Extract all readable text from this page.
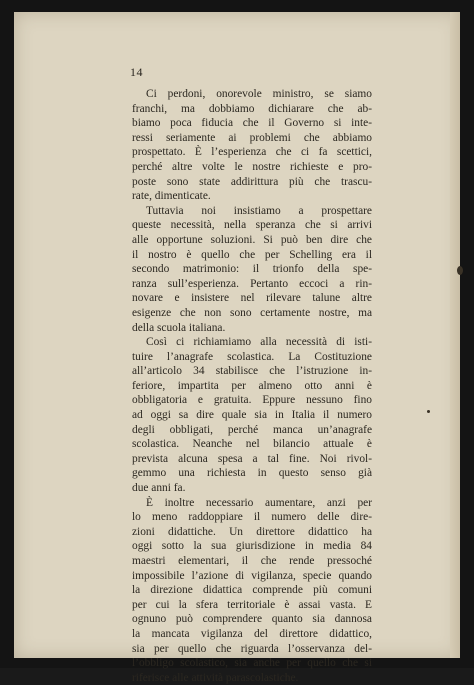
14
Ci perdoni, onorevole ministro, se siamo
franchi, ma dobbiamo dichiarare che ab-
biamo poca fiducia che il Governo si inte-
ressi seriamente ai problemi che abbiamo
prospettato. È l’esperienza che ci fa scettici,
perché altre volte le nostre richieste e pro-
poste sono state addirittura più che trascu-
rate, dimenticate.
Tuttavia noi insistiamo a prospettare
queste necessità, nella speranza che si arrivi
alle opportune soluzioni. Si può ben dire che
il nostro è quello che per Schelling era il
secondo matrimonio: il trionfo della spe-
ranza sull’esperienza. Pertanto eccoci a rin-
novare e insistere nel rilevare talune altre
esigenze che non sono certamente nostre, ma
della scuola italiana.
Così ci richiamiamo alla necessità di isti-
tuire l’anagrafe scolastica. La Costituzione
all’articolo 34 stabilisce che l’istruzione in-
feriore, impartita per almeno otto anni è
obbligatoria e gratuita. Eppure nessuno fino
ad oggi sa dire quale sia in Italia il numero
degli obbligati, perché manca un’anagrafe
scolastica. Neanche nel bilancio attuale è
prevista alcuna spesa a tal fine. Noi rivol-
gemmo una richiesta in questo senso già
due anni fa.
È inoltre necessario aumentare, anzi per
lo meno raddoppiare il numero delle dire-
zioni didattiche. Un direttore didattico ha
oggi sotto la sua giurisdizione in media 84
maestri elementari, il che rende pressoché
impossibile l’azione di vigilanza, specie quando
la direzione didattica comprende più comuni
per cui la sfera territoriale è assai vasta. E
ognuno può comprendere quanto sia dannosa
la mancata vigilanza del direttore didattico,
sia per quello che riguarda l’osservanza del-
l’obbligo scolastico, sia anche per quello che si
riferisce alle attività parascolastiche.
